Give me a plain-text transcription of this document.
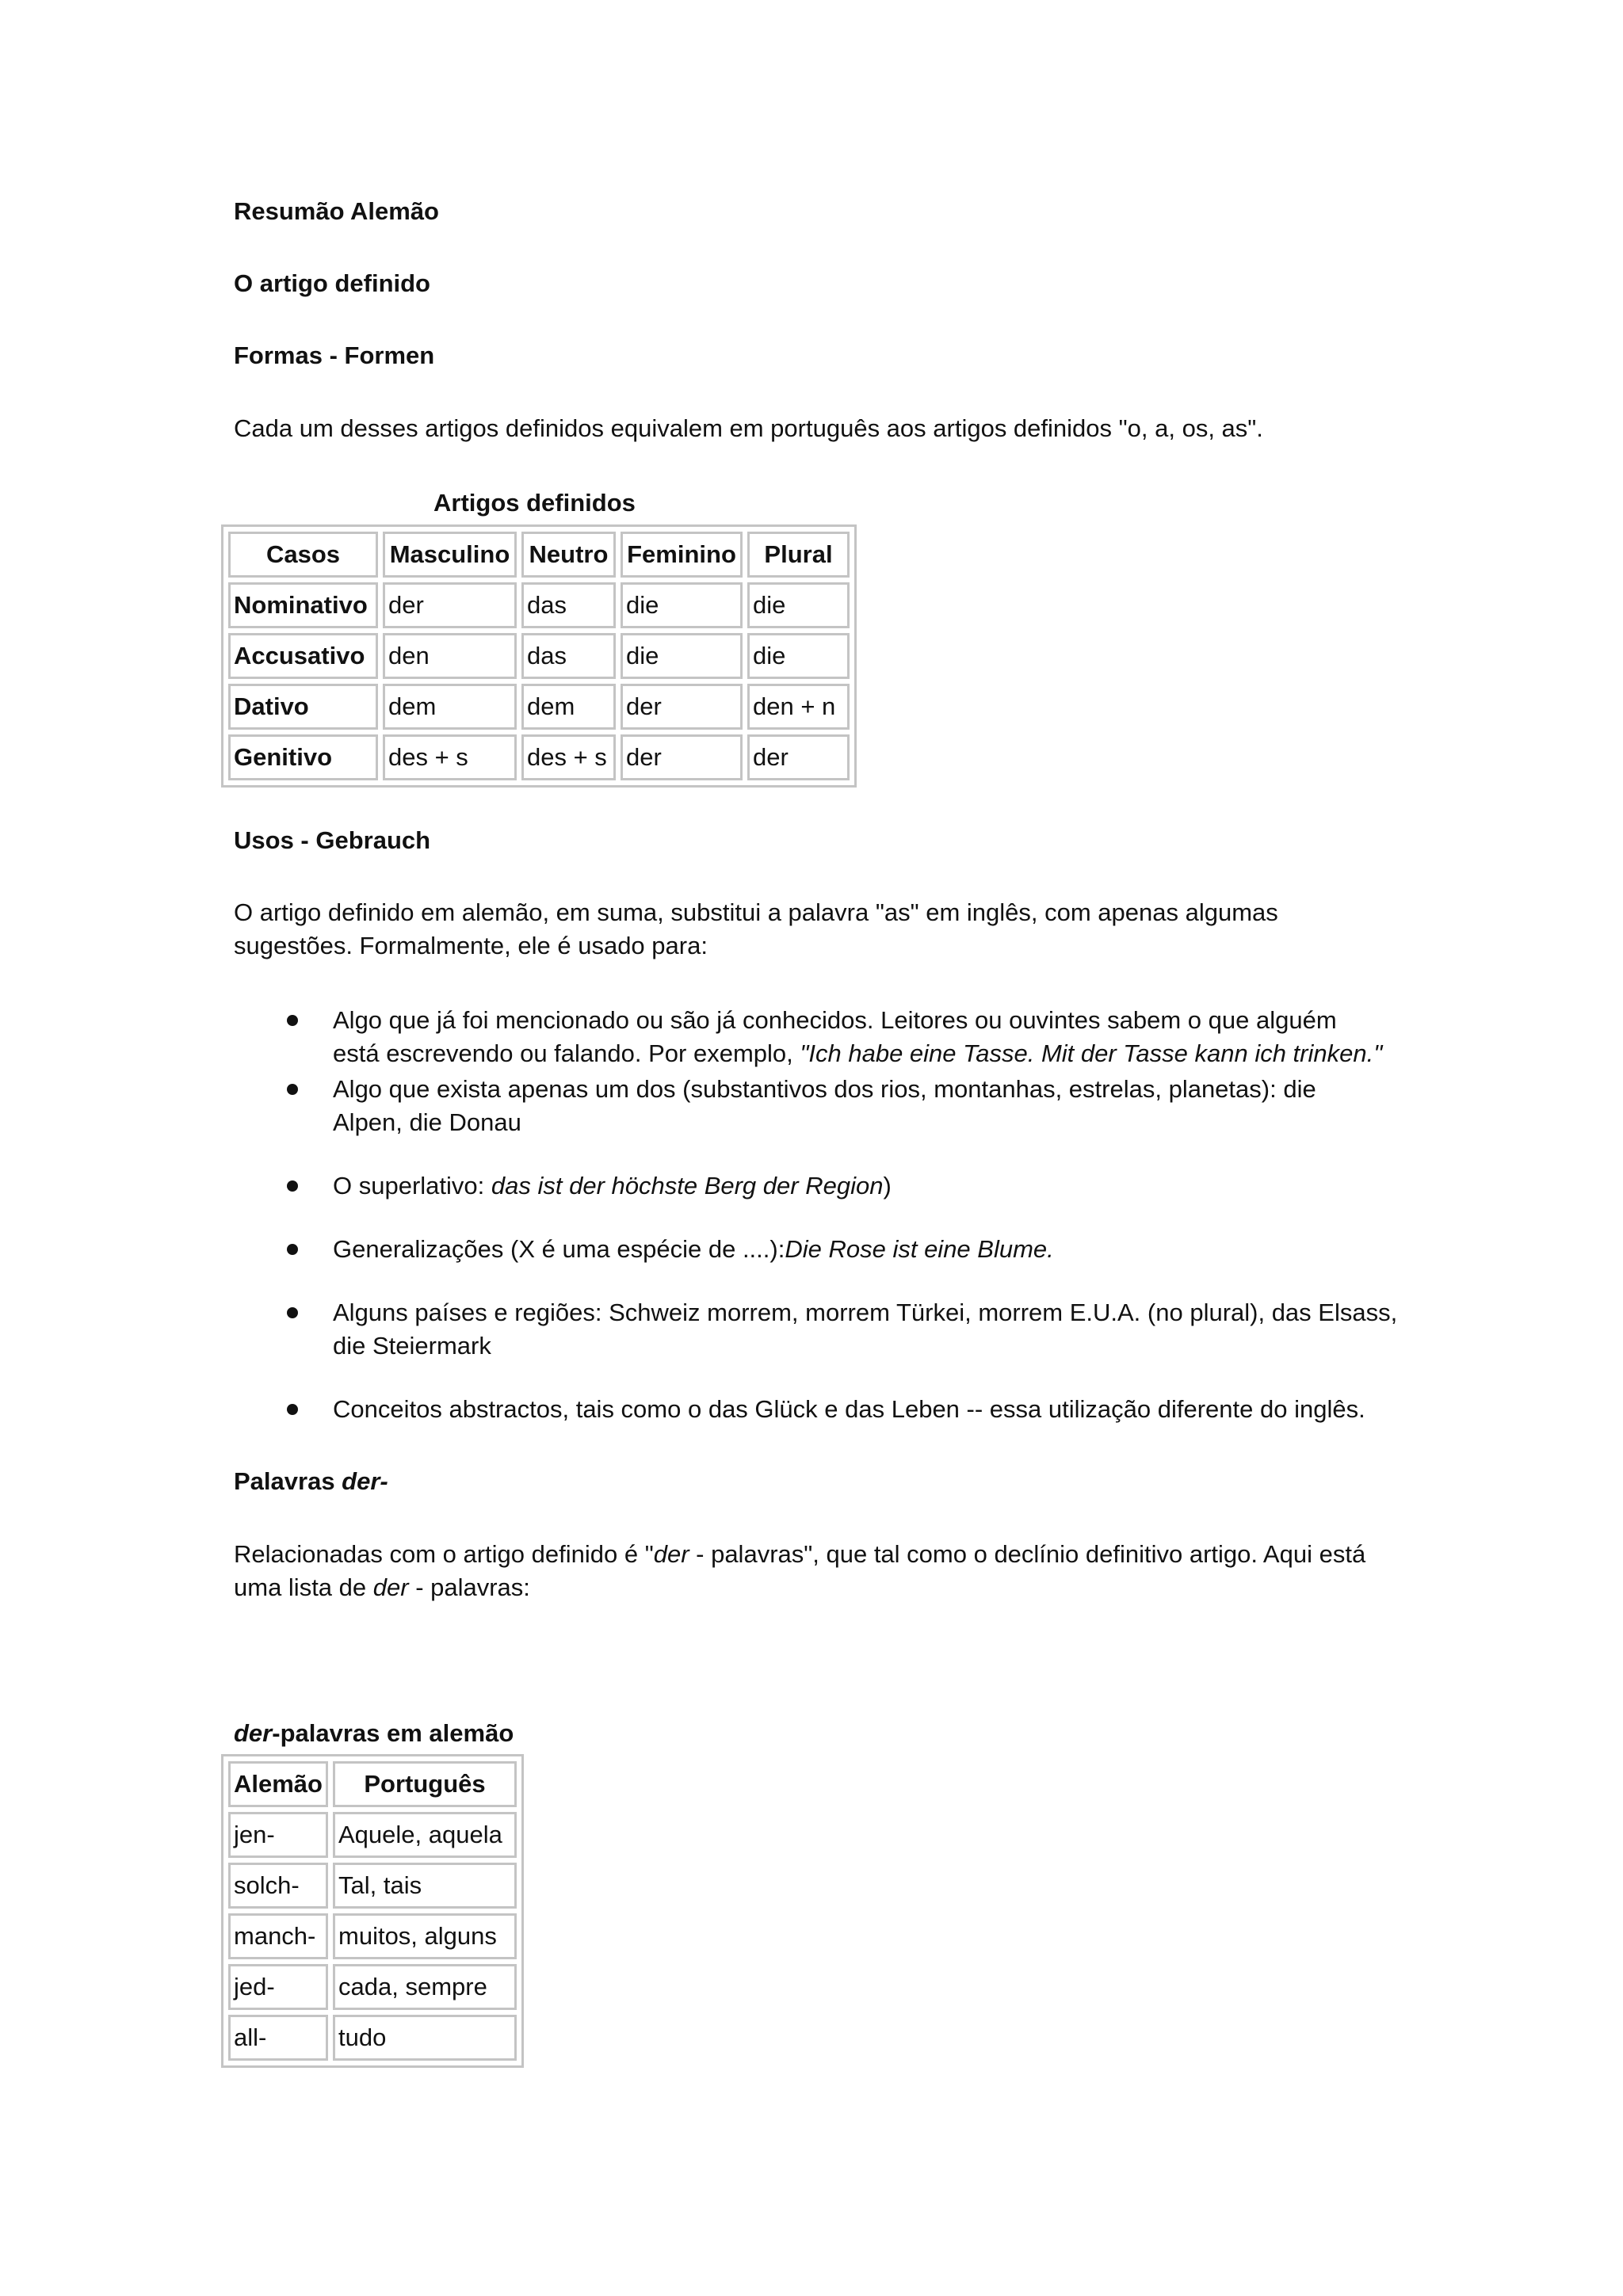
Resumão Alemão

O artigo definido

Formas - Formen

Cada um desses artigos definidos equivalem em português aos artigos definidos "o, a, os, as".

Artigos definidos

Casos	Masculino	Neutro	Feminino	Plural
Nominativo	der	das	die	die
Accusativo	den	das	die	die
Dativo	dem	dem	der	den + n
Genitivo	des + s	des + s	der	der

Usos - Gebrauch

O artigo definido em alemão, em suma, substitui a palavra "as" em inglês, com apenas algumas

sugestões. Formalmente, ele é usado para:

Algo que já foi mencionado ou são já conhecidos. Leitores ou ouvintes sabem o que alguém
está escrevendo ou falando. Por exemplo, "Ich habe eine Tasse. Mit der Tasse kann ich trinken."
Algo que exista apenas um dos (substantivos dos rios, montanhas, estrelas, planetas): die
Alpen, die Donau
O superlativo: das ist der höchste Berg der Region)
Generalizações (X é uma espécie de ....):Die Rose ist eine Blume.
Alguns países e regiões: Schweiz morrem, morrem Türkei, morrem E.U.A. (no plural), das Elsass,
die Steiermark
Conceitos abstractos, tais como o das Glück e das Leben -- essa utilização diferente do inglês.

Palavras der-

Relacionadas com o artigo definido é "der - palavras", que tal como o declínio definitivo artigo. Aqui está

uma lista de der - palavras:

der-palavras em alemão

Alemão	Português
jen-	Aquele, aquela
solch-	Tal, tais
manch-	muitos, alguns
jed-	cada, sempre
all-	tudo
